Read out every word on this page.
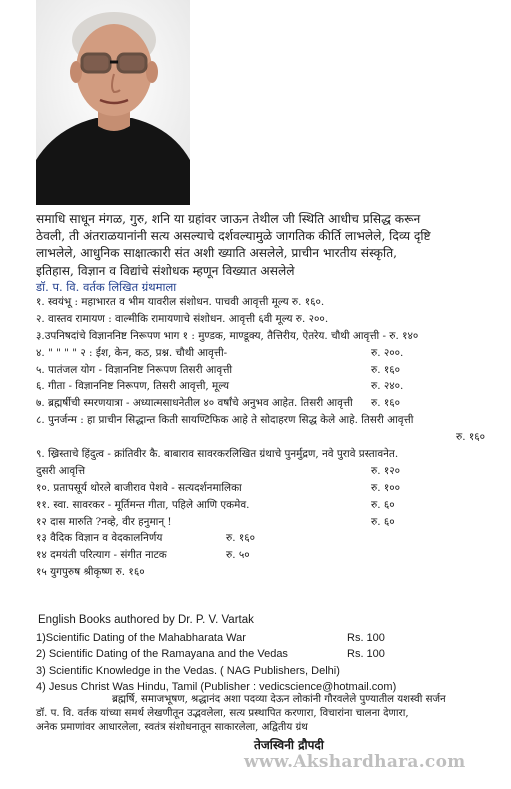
समाधि साधून मंगळ, गुरु, शनि या ग्रहांवर जाऊन तेथील जी स्थिति आधीच प्रसिद्ध करून
ठेवली, ती अंतराळयानांनी सत्य असल्याचे दर्शवल्यामुळे जागतिक कीर्ति लाभलेले, दिव्य दृष्टि
लाभलेले, आधुनिक साक्षात्कारी संत अशी ख्याति असलेले, प्राचीन भारतीय संस्कृति,
इतिहास, विज्ञान व विद्यांचे संशोधक म्हणून विख्यात असलेले
डॉ. प. वि. वर्तक लिखित ग्रंथमाला
१. स्वयंभू : महाभारत व भीम यावरील संशोधन. पाचवी आवृत्ती मूल्य रु. १६०.
२. वास्तव रामायण : वाल्मीकि रामायणाचे संशोधन. आवृत्ती ६वी मूल्य रु. २००.
३.उपनिषदांचे विज्ञाननिष्ट निरूपण भाग १ : मुण्डक, माण्डूक्य, तैत्तिरीय, ऐतरेय. चौथी आवृत्ती - रु. १४०
४. " " " " २ : ईश, केन, कठ, प्रश्न. चौथी आवृत्ती-	रु. २००.
५. पातंजल योग - विज्ञाननिष्ट निरूपण तिसरी आवृत्ती	रु. १६०
६. गीता - विज्ञाननिष्ट निरूपण, तिसरी आवृत्ती, मूल्य	रु. २४०.
७. ब्रह्मर्षीची स्मरणयात्रा - अध्यात्मसाधनेतील ४० वर्षांचे अनुभव आहेत. तिसरी आवृत्ती रु. १६०
८. पुनर्जन्म : हा प्राचीन सिद्धान्त किती सायण्टिफिक आहे ते सोदाहरण सिद्ध केले आहे. तिसरी आवृत्ती
रु. १६०
९. ख्रिस्ताचे हिंदुत्व - क्रांतिवीर कै. बाबाराव सावरकरलिखित ग्रंथाचे पुनर्मुद्रण, नवे पुरावे प्रस्तावनेत.
दुसरी आवृत्ति	रु. १२०
१०. प्रतापसूर्य थोरले बाजीराव पेशवे - सत्यदर्शनमालिका	रु. १००
११. स्वा. सावरकर - मूर्तिमन्त गीता, पहिले आणि एकमेव.	रु. ६०
१२ दास मारुति ?नव्हे, वीर हनुमान् !	रु. ६०
१३ वैदिक विज्ञान व वेदकालनिर्णय	रु. १६०
१४ दमयंती परित्याग - संगीत नाटक	रु. ५०
१५ युगपुरुष श्रीकृष्ण रु. १६०
English Books authored by Dr. P. V. Vartak
1)Scientific Dating of the Mahabharata War	Rs. 100
2) Scientific Dating of the Ramayana and the Vedas	Rs. 100
3) Scientific Knowledge in the Vedas. ( NAG Publishers, Delhi)
4) Jesus Christ Was Hindu, Tamil (Publisher : vedicscience@hotmail.com)
ब्रह्मर्षि, समाजभूषण, श्रद्धानंद अशा पदव्या देऊन लोकांनी गौरवलेले पुण्यातील यशस्वी सर्जन
डॉ. प. वि. वर्तक यांच्या समर्थ लेखणीतून उद्भवलेला, सत्य प्रस्थापित करणारा, विचारांना चालना देणारा,
अनेक प्रमाणांवर आधारलेला, स्वतंत्र संशोधनातून साकारलेला, अद्वितीय ग्रंथ
तेजस्विनी द्रौपदी
www.Akshardhara.com
